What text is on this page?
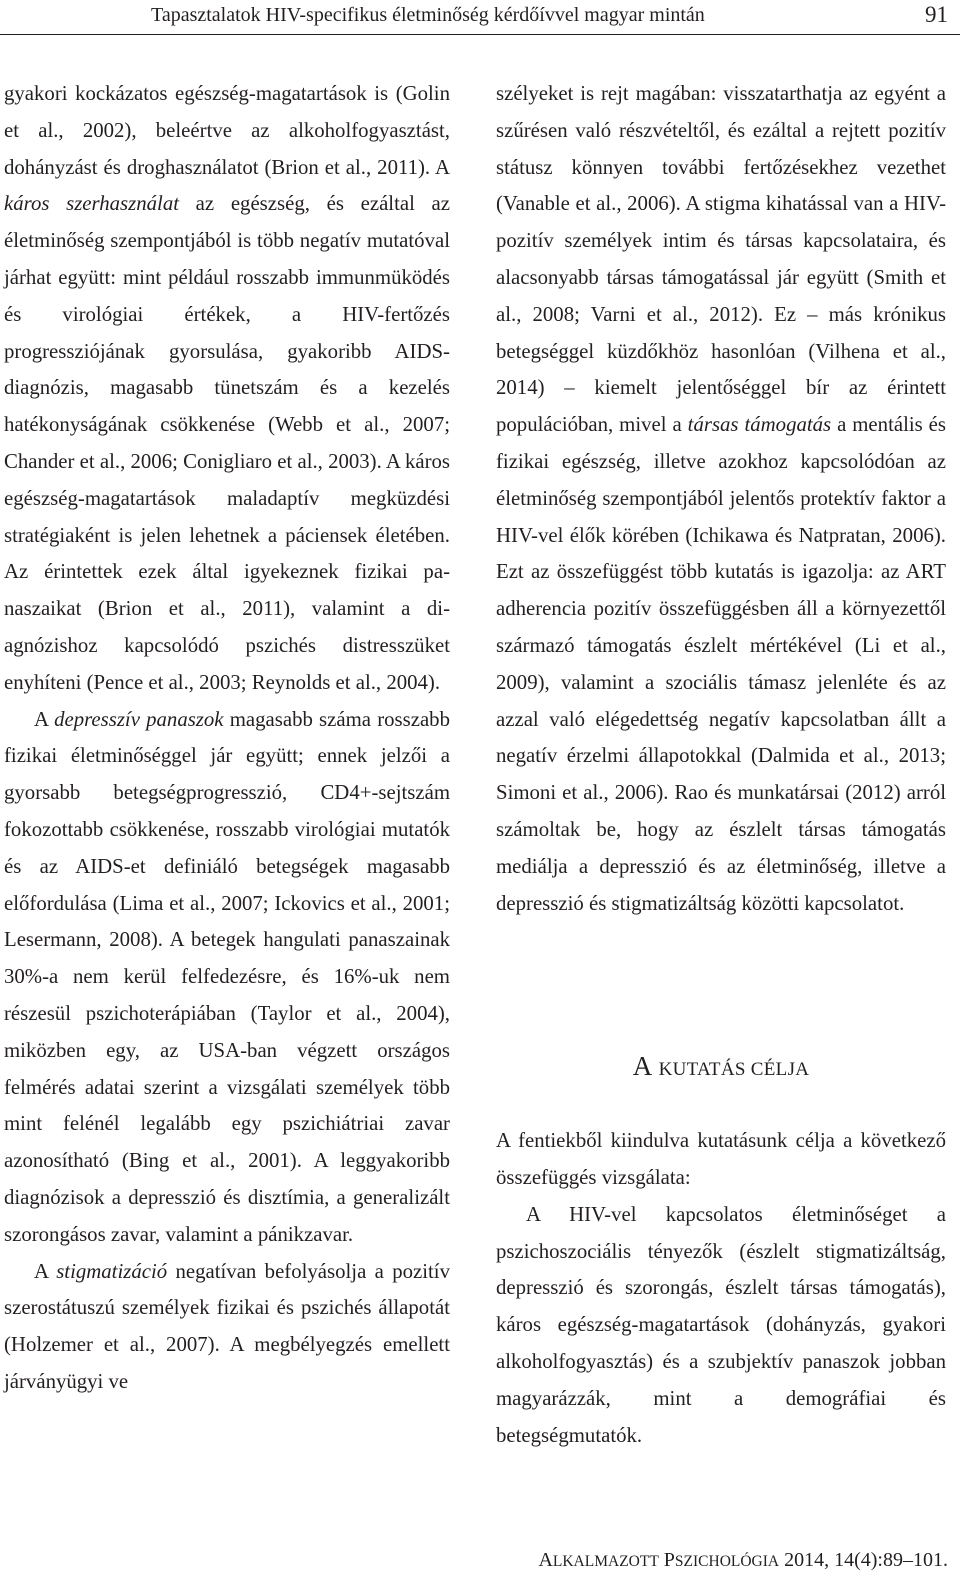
Tapasztalatok HIV-specifikus életminőség kérdőívvel magyar mintán	91

gyakori kockázatos egészség-magatartások is (Golin et al., 2002), beleértve az alkoholfogyasztást, dohányzást és droghasználatot (Brion et al., 2011). A káros szerhasználat az egészség, és ezáltal az életminőség szempontjából is több negatív mutatóval járhat együtt: mint például rosszabb immunmüködés és virológiai értékek, a HIV-fertőzés progressziójának gyorsulása, gyakoribb AIDS-diagnózis, magasabb tünetszám és a kezelés hatékonyságának csökkenése (Webb et al., 2007; Chander et al., 2006; Conigliaro et al., 2003). A káros egészség-magatartások maladaptív megküzdési stratégiaként is jelen lehetnek a páciensek életében. Az érintettek ezek által igyekeznek fizikai panaszaikat (Brion et al., 2011), valamint a diagnózishoz kapcsolódó pszichés distresszüket enyhíteni (Pence et al., 2003; Reynolds et al., 2004).

A depresszív panaszok magasabb száma rosszabb fizikai életminőséggel jár együtt; ennek jelzői a gyorsabb betegségprogresszió, CD4+-sejtszám fokozottabb csökkenése, rosszabb virológiai mutatók és az AIDS-et definiáló betegségek magasabb előfordulása (Lima et al., 2007; Ickovics et al., 2001; Lesermann, 2008). A betegek hangulati panaszainak 30%-a nem kerül felfedezésre, és 16%-uk nem részesül pszichoterápiában (Taylor et al., 2004), miközben egy, az USA-ban végzett országos felmérés adatai szerint a vizsgálati személyek több mint felénél legalább egy pszichiátriai zavar azonosítható (Bing et al., 2001). A leggyakoribb diagnózisok a depresszió és disztímia, a generalizált szorongásos zavar, valamint a pánikzavar.

A stigmatizáció negatívan befolyásolja a pozitív szerostátuszú személyek fizikai és pszichés állapotát (Holzemer et al., 2007). A megbélyegzés emellett járványügyi ve

szélyeket is rejt magában: visszatarthatja az egyént a szűrésen való részvételtől, és ezáltal a rejtett pozitív státusz könnyen további fertőzésekhez vezethet (Vanable et al., 2006). A stigma kihatással van a HIV-pozitív személyek intim és társas kapcsolataira, és alacsonyabb társas támogatással jár együtt (Smith et al., 2008; Varni et al., 2012). Ez – más krónikus betegséggel küzdőkhöz hasonlóan (Vilhena et al., 2014) – kiemelt jelentőséggel bír az érintett populációban, mivel a társas támogatás a mentális és fizikai egészség, illetve azokhoz kapcsolódóan az életminőség szempontjából jelentős protektív faktor a HIV-vel élők körében (Ichikawa és Natpratan, 2006). Ezt az összefüggést több kutatás is igazolja: az ART adherencia pozitív összefüggésben áll a környezettől származó támogatás észlelt mértékével (Li et al., 2009), valamint a szociális támasz jelenléte és az azzal való elégedettség negatív kapcsolatban állt a negatív érzelmi állapotokkal (Dalmida et al., 2013; Simoni et al., 2006). Rao és munkatársai (2012) arról számoltak be, hogy az észlelt társas támogatás mediálja a depresszió és az életminőség, illetve a depresszió és stigmatizáltság közötti kapcsolatot.

A KUTATÁS CÉLJA

A fentiekből kiindulva kutatásunk célja a következő összefüggés vizsgálata:

A HIV-vel kapcsolatos életminőséget a pszichoszociális tényezők (észlelt stigmatizáltság, depresszió és szorongás, észlelt társas támogatás), káros egészség-magatartások (dohányzás, gyakori alkoholfogyasztás) és a szubjektív panaszok jobban magyarázzák, mint a demográfiai és betegségmutatók.

ALKALMAZOTT PSZICHOLÓGIA 2014, 14(4):89–101.
